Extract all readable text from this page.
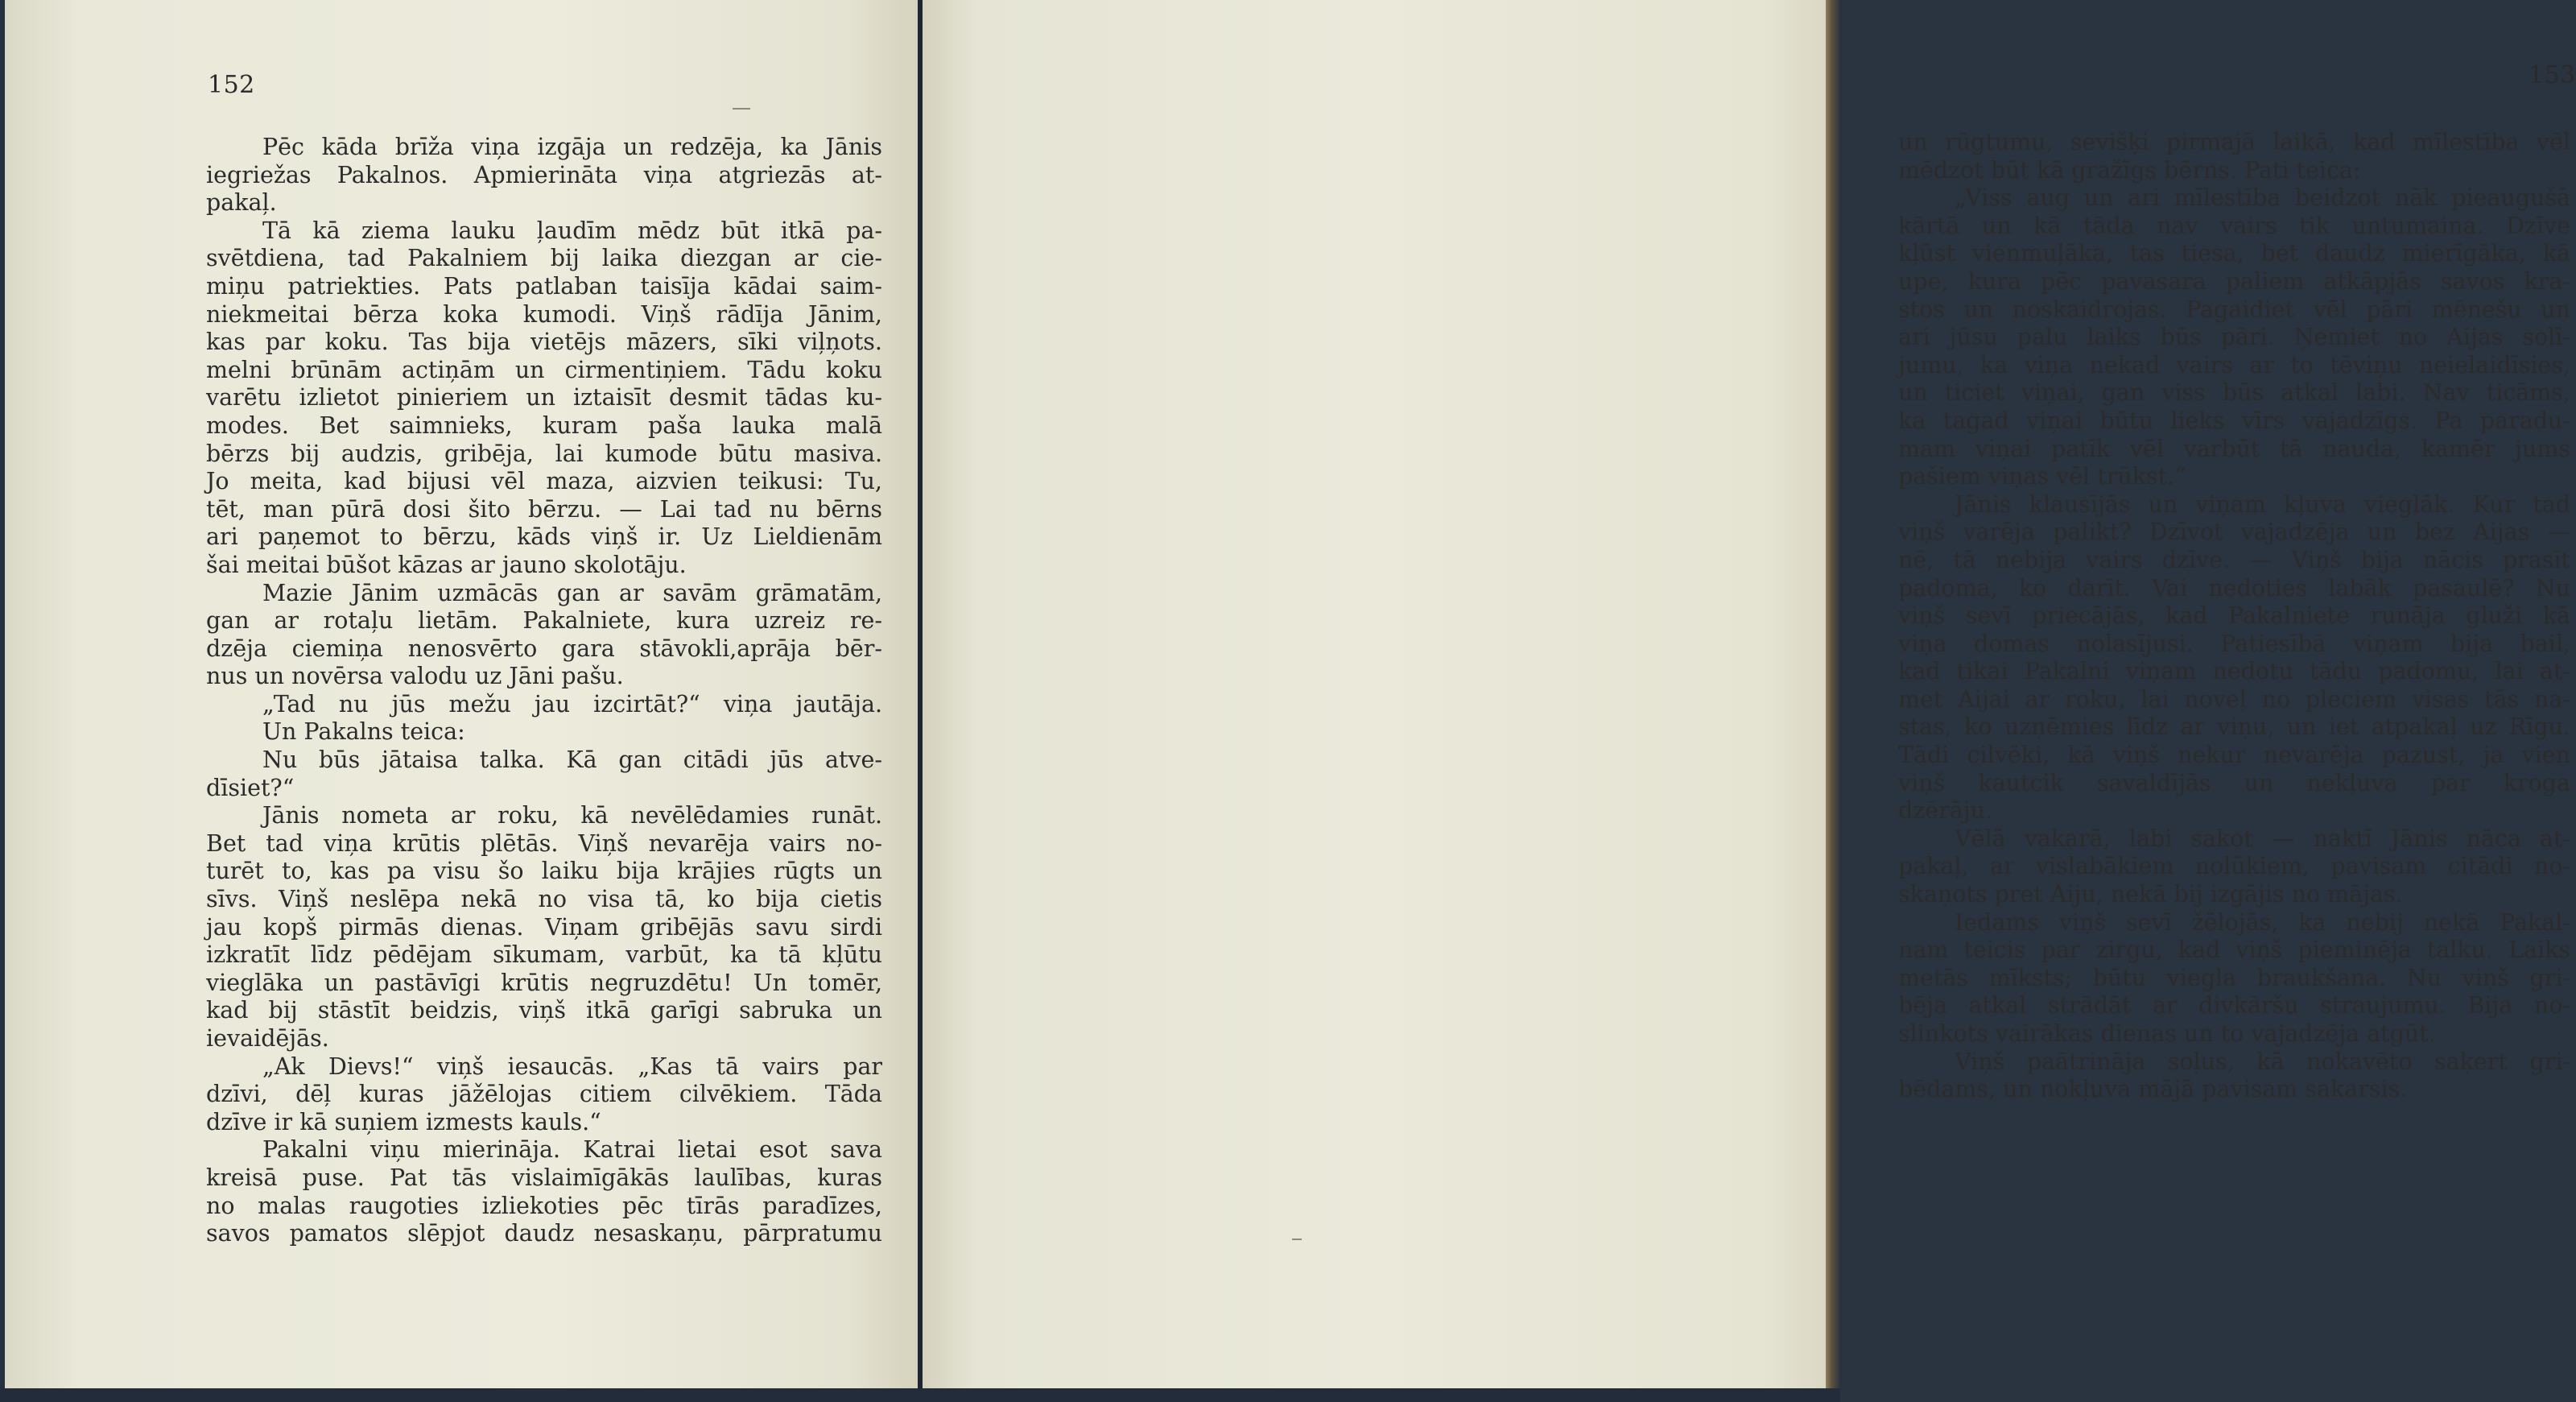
152
Pēc kāda brīža viņa izgāja un redzēja, ka Jānis
iegriežas Pakalnos. Apmierināta viņa atgriezās at-
pakaļ.
Tā kā ziema lauku ļaudīm mēdz būt itkā pa-
svētdiena, tad Pakalniem bij laika diezgan ar cie-
miņu patriekties. Pats patlaban taisīja kādai saim-
niekmeitai bērza koka kumodi. Viņš rādīja Jānim,
kas par koku. Tas bija vietējs māzers, sīki viļņots.
melni brūnām actiņām un cirmentiņiem. Tādu koku
varētu izlietot pinieriem un iztaisīt desmit tādas ku-
modes. Bet saimnieks, kuram paša lauka malā
bērzs bij audzis, gribēja, lai kumode būtu masiva.
Jo meita, kad bijusi vēl maza, aizvien teikusi: Tu,
tēt, man pūrā dosi šito bērzu. — Lai tad nu bērns
ari paņemot to bērzu, kāds viņš ir. Uz Lieldienām
šai meitai būšot kāzas ar jauno skolotāju.
Mazie Jānim uzmācās gan ar savām grāmatām,
gan ar rotaļu lietām. Pakalniete, kura uzreiz re-
dzēja ciemiņa nenosvērto gara stāvokli,aprāja bēr-
nus un novērsa valodu uz Jāni pašu.
„Tad nu jūs mežu jau izcirtāt?“ viņa jautāja.
Un Pakalns teica:
Nu būs jātaisa talka. Kā gan citādi jūs atve-
dīsiet?“
Jānis nometa ar roku, kā nevēlēdamies runāt.
Bet tad viņa krūtis plētās. Viņš nevarēja vairs no-
turēt to, kas pa visu šo laiku bija krājies rūgts un
sīvs. Viņš neslēpa nekā no visa tā, ko bija cietis
jau kopš pirmās dienas. Viņam gribējās savu sirdi
izkratīt līdz pēdējam sīkumam, varbūt, ka tā kļūtu
vieglāka un pastāvīgi krūtis negruzdētu! Un tomēr,
kad bij stāstīt beidzis, viņš itkā garīgi sabruka un
ievaidējās.
„Ak Dievs!“ viņš iesaucās. „Kas tā vairs par
dzīvi, dēļ kuras jāžēlojas citiem cilvēkiem. Tāda
dzīve ir kā suņiem izmests kauls.“
Pakalni viņu mierināja. Katrai lietai esot sava
kreisā puse. Pat tās vislaimīgākās laulības, kuras
no malas raugoties izliekoties pēc tīrās paradīzes,
savos pamatos slēpjot daudz nesaskaņu, pārpratumu
153
un rūgtumu, sevišķi pirmajā laikā, kad mīlestība vēl
mēdzot būt kā gražīgs bērns. Pati teica:
„Viss aug un ari mīlestība beidzot nāk pieaugušā
kārtā un kā tāda nav vairs tik untumaina. Dzīve
kļūst vienmuļāka, tas tiesa, bet daudz mierīgāka, kā
upe, kura pēc pavasara paliem atkāpjās savos kra-
stos un noskaidrojas. Pagaidiet vēl pāri mēnešu un
ari jūsu palu laiks būs pāri. Ņemiet no Aijas solī-
jumu, ka viņa nekad vairs ar to tēviņu neielaidīsies,
un ticiet viņai, gan viss būs atkal labi. Nav ticāms,
ka tagad viņai būtu lieks vīrs vajadzīgs. Pa paradu-
mam viņai patīk vēl varbūt tā nauda, kamēr jums
pašiem viņas vēl trūkst.“
Jānis klausījās un viņam kļuva vieglāk. Kur tad
viņš varēja palikt? Dzīvot vajadzēja un bez Aijas —
nē, tā nebija vairs dzīve. — Viņš bija nācis prasīt
padoma, ko darīt. Vai nedoties labāk pasaulē? Nu
viņš sevī priecājās, kad Pakalniete runāja gluži kā
viņa domas nolasījusi. Patiesībā viņam bija bail,
kad tikai Pakalni viņam nedotu tādu padomu, lai at-
met Aijai ar roku, lai noveļ no pleciem visas tās na-
stas, ko uzņēmies līdz ar viņu, un iet atpakaļ uz Rīgu.
Tādi cilvēki, kā viņš nekur nevarēja pazust, ja vien
viņš kautcik savaldījās un nekļuva par kroga
dzērāju.
Vēlā vakarā, labi sakot — naktī Jānis nāca at-
pakaļ, ar vislabākiem nolūkiem, pavisam citādi no-
skaņots pret Aiju, nekā bij izgājis no mājas.
Iedams viņš sevī žēlojās, ka nebij nekā Pakal-
nam teicis par zirgu, kad viņš pieminēja talku. Laiks
metās mīksts; būtu viegla braukšana. Nu viņš gri-
bēja atkal strādāt ar divkāršu straujumu. Bija no-
slinkots vairākas dienas un to vajadzēja atgūt.
Viņš paātrināja soļus, kā nokavēto saķert gri-
bēdams, un nokļuva mājā pavisam sakarsis.
